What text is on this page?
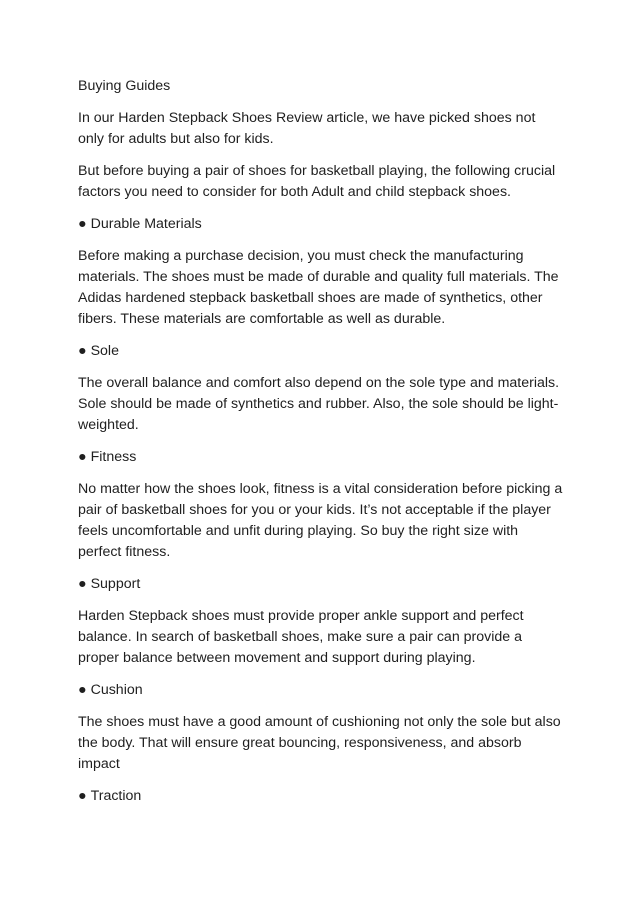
Buying Guides

In our Harden Stepback Shoes Review article, we have picked shoes not only for adults but also for kids.

But before buying a pair of shoes for basketball playing, the following crucial factors you need to consider for both Adult and child stepback shoes.

● Durable Materials

Before making a purchase decision, you must check the manufacturing materials. The shoes must be made of durable and quality full materials. The Adidas hardened stepback basketball shoes are made of synthetics, other fibers. These materials are comfortable as well as durable.

● Sole

The overall balance and comfort also depend on the sole type and materials. Sole should be made of synthetics and rubber. Also, the sole should be light-weighted.

● Fitness

No matter how the shoes look, fitness is a vital consideration before picking a pair of basketball shoes for you or your kids. It’s not acceptable if the player feels uncomfortable and unfit during playing. So buy the right size with perfect fitness.

● Support

Harden Stepback shoes must provide proper ankle support and perfect balance. In search of basketball shoes, make sure a pair can provide a proper balance between movement and support during playing.

● Cushion

The shoes must have a good amount of cushioning not only the sole but also the body. That will ensure great bouncing, responsiveness, and absorb impact

● Traction
